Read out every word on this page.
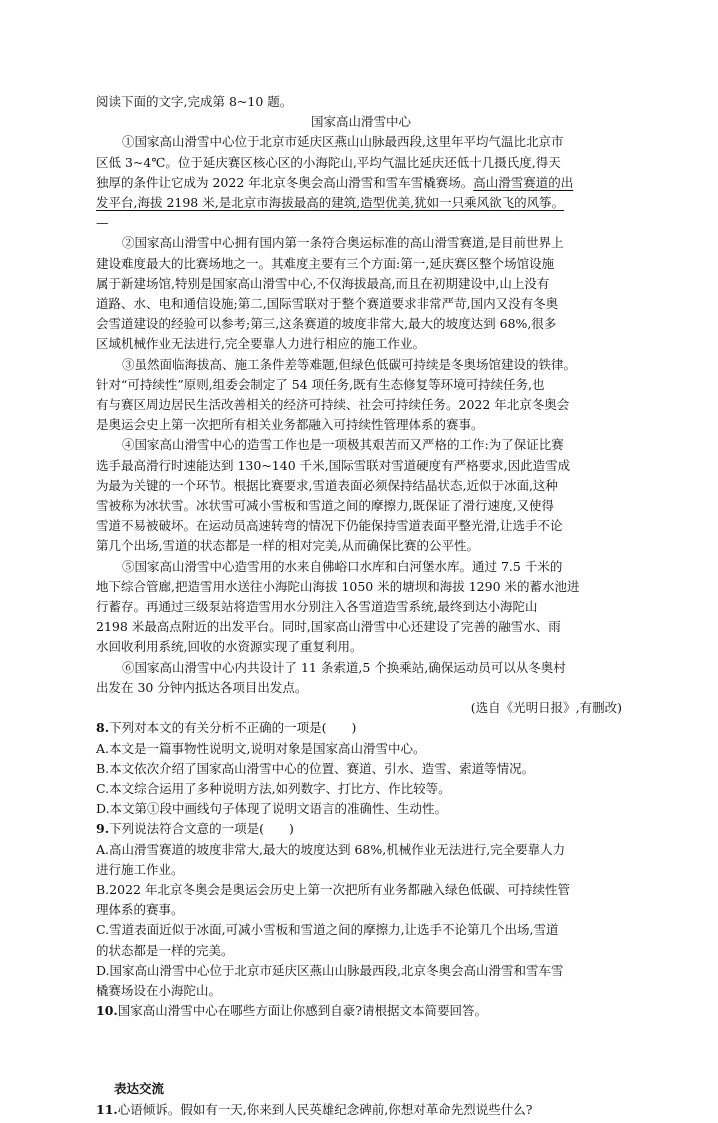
阅读下面的文字,完成第 8~10 题。
国家高山滑雪中心
①国家高山滑雪中心位于北京市延庆区燕山山脉最西段,这里年平均气温比北京市
区低 3~4℃。位于延庆赛区核心区的小海陀山,平均气温比延庆还低十几摄氏度,得天
独厚的条件让它成为 2022 年北京冬奥会高山滑雪和雪车雪橇赛场。高山滑雪赛道的出
发平台,海拔 2198 米,是北京市海拔最高的建筑,造型优美,犹如一只乘风欲飞的风筝。
—
②国家高山滑雪中心拥有国内第一条符合奥运标准的高山滑雪赛道,是目前世界上
建设难度最大的比赛场地之一。其难度主要有三个方面:第一,延庆赛区整个场馆设施
属于新建场馆,特别是国家高山滑雪中心,不仅海拔最高,而且在初期建设中,山上没有
道路、水、电和通信设施;第二,国际雪联对于整个赛道要求非常严苛,国内又没有冬奥
会雪道建设的经验可以参考;第三,这条赛道的坡度非常大,最大的坡度达到 68%,很多
区域机械作业无法进行,完全要靠人力进行相应的施工作业。
③虽然面临海拔高、施工条件差等难题,但绿色低碳可持续是冬奥场馆建设的铁律。
针对“可持续性”原则,组委会制定了 54 项任务,既有生态修复等环境可持续任务,也
有与赛区周边居民生活改善相关的经济可持续、社会可持续任务。2022 年北京冬奥会
是奥运会史上第一次把所有相关业务都融入可持续性管理体系的赛事。
④国家高山滑雪中心的造雪工作也是一项极其艰苦而又严格的工作:为了保证比赛
选手最高滑行时速能达到 130~140 千米,国际雪联对雪道硬度有严格要求,因此造雪成
为最为关键的一个环节。根据比赛要求,雪道表面必须保持结晶状态,近似于冰面,这种
雪被称为冰状雪。冰状雪可减小雪板和雪道之间的摩擦力,既保证了滑行速度,又使得
雪道不易被破坏。在运动员高速转弯的情况下仍能保持雪道表面平整光滑,让选手不论
第几个出场,雪道的状态都是一样的相对完美,从而确保比赛的公平性。
⑤国家高山滑雪中心造雪用的水来自佛峪口水库和白河堡水库。通过 7.5 千米的
地下综合管廊,把造雪用水送往小海陀山海拔 1050 米的塘坝和海拔 1290 米的蓄水池进
行蓄存。再通过三级泵站将造雪用水分别注入各雪道造雪系统,最终到达小海陀山
2198 米最高点附近的出发平台。同时,国家高山滑雪中心还建设了完善的融雪水、雨
水回收利用系统,回收的水资源实现了重复利用。
⑥国家高山滑雪中心内共设计了 11 条索道,5 个换乘站,确保运动员可以从冬奥村
出发在 30 分钟内抵达各项目出发点。
(选自《光明日报》,有删改)
8.下列对本文的有关分析不正确的一项是(　　)
A.本文是一篇事物性说明文,说明对象是国家高山滑雪中心。
B.本文依次介绍了国家高山滑雪中心的位置、赛道、引水、造雪、索道等情况。
C.本文综合运用了多种说明方法,如列数字、打比方、作比较等。
D.本文第①段中画线句子体现了说明文语言的准确性、生动性。
9.下列说法符合文意的一项是(　　)
A.高山滑雪赛道的坡度非常大,最大的坡度达到 68%,机械作业无法进行,完全要靠人力
进行施工作业。
B.2022 年北京冬奥会是奥运会历史上第一次把所有业务都融入绿色低碳、可持续性管
理体系的赛事。
C.雪道表面近似于冰面,可减小雪板和雪道之间的摩擦力,让选手不论第几个出场,雪道
的状态都是一样的完美。
D.国家高山滑雪中心位于北京市延庆区燕山山脉最西段,北京冬奥会高山滑雪和雪车雪
橇赛场设在小海陀山。
10.国家高山滑雪中心在哪些方面让你感到自豪?请根据文本简要回答。
表达交流
11.心语倾诉。假如有一天,你来到人民英雄纪念碑前,你想对革命先烈说些什么?
